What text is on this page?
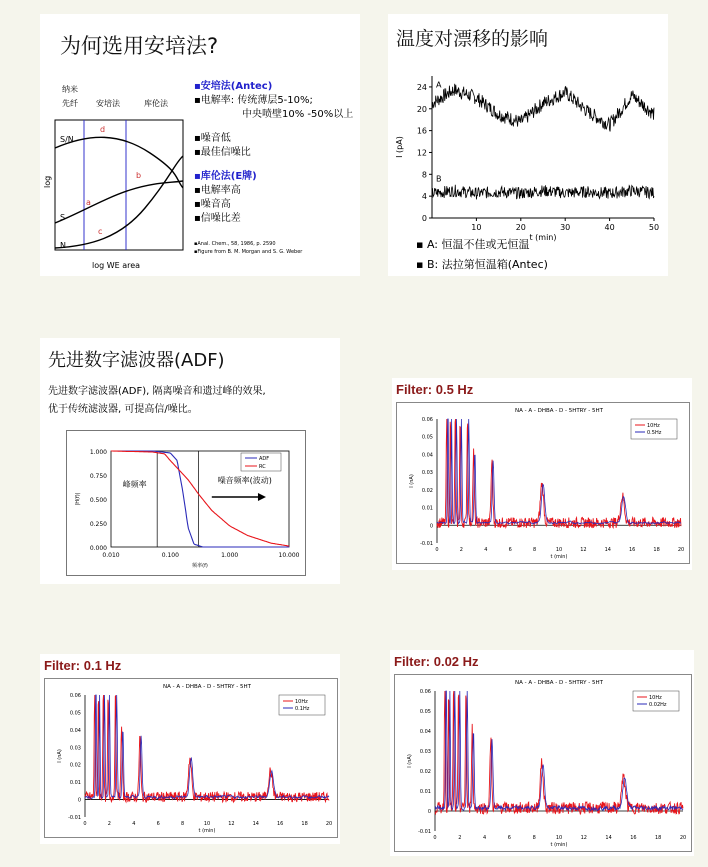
为何选用安培法?
纳米
先纤 安培法	库伦法
d
b
a
c
S/N
S
N
log
log WE area
▪安培法(Antec)
▪电解率: 传统薄层5-10%;
中央喷壁10% -50%以上
▪噪音低
▪最佳信噪比
▪库伦法(E牌)
▪电解率高
▪噪音高
▪信噪比差
▪Anal. Chem., 58, 1986, p. 2590
▪Figure from B. M. Morgan and S. G. Weber
温度对漂移的影响
0
4
8
12
16
20
24
10	20	30	40	50
I (pA)
t (min)
A
B
▪ A: 恒温不佳或无恒温
▪ B: 法拉第恒温箱(Antec)
先进数字滤波器(ADF)
先进数字滤波器(ADF), 隔离噪音和遗过峰的效果,
优于传统滤波器, 可提高信/噪比。
0.000
0.250
0.500
0.750
1.000
0.010	0.100	1.000	10.000
|H(f)|
频率(f)
峰频率	噪音频率(波动)
ADF
RC
Filter: 0.5 Hz
NA - A - DHBA - D - 5HTRY - 5HT
-0.01
0
0.01
0.02
0.03
0.04
0.05
0.06
0	2	4	6	8	10	12	14	16	18	20
I (nA)
t (min)
10Hz
0.5Hz
Filter: 0.1 Hz
NA - A - DHBA - D - 5HTRY - 5HT
-0.01
0
0.01
0.02
0.03
0.04
0.05
0.06
0	2	4	6	8	10	12	14	16	18	20
I (nA)
t (min)
10Hz
0.1Hz
Filter: 0.02 Hz
NA - A - DHBA - D - 5HTRY - 5HT
-0.01
0
0.01
0.02
0.03
0.04
0.05
0.06
0	2	4	6	8	10	12	14	16	18	20
I (nA)
t (min)
10Hz
0.02Hz
